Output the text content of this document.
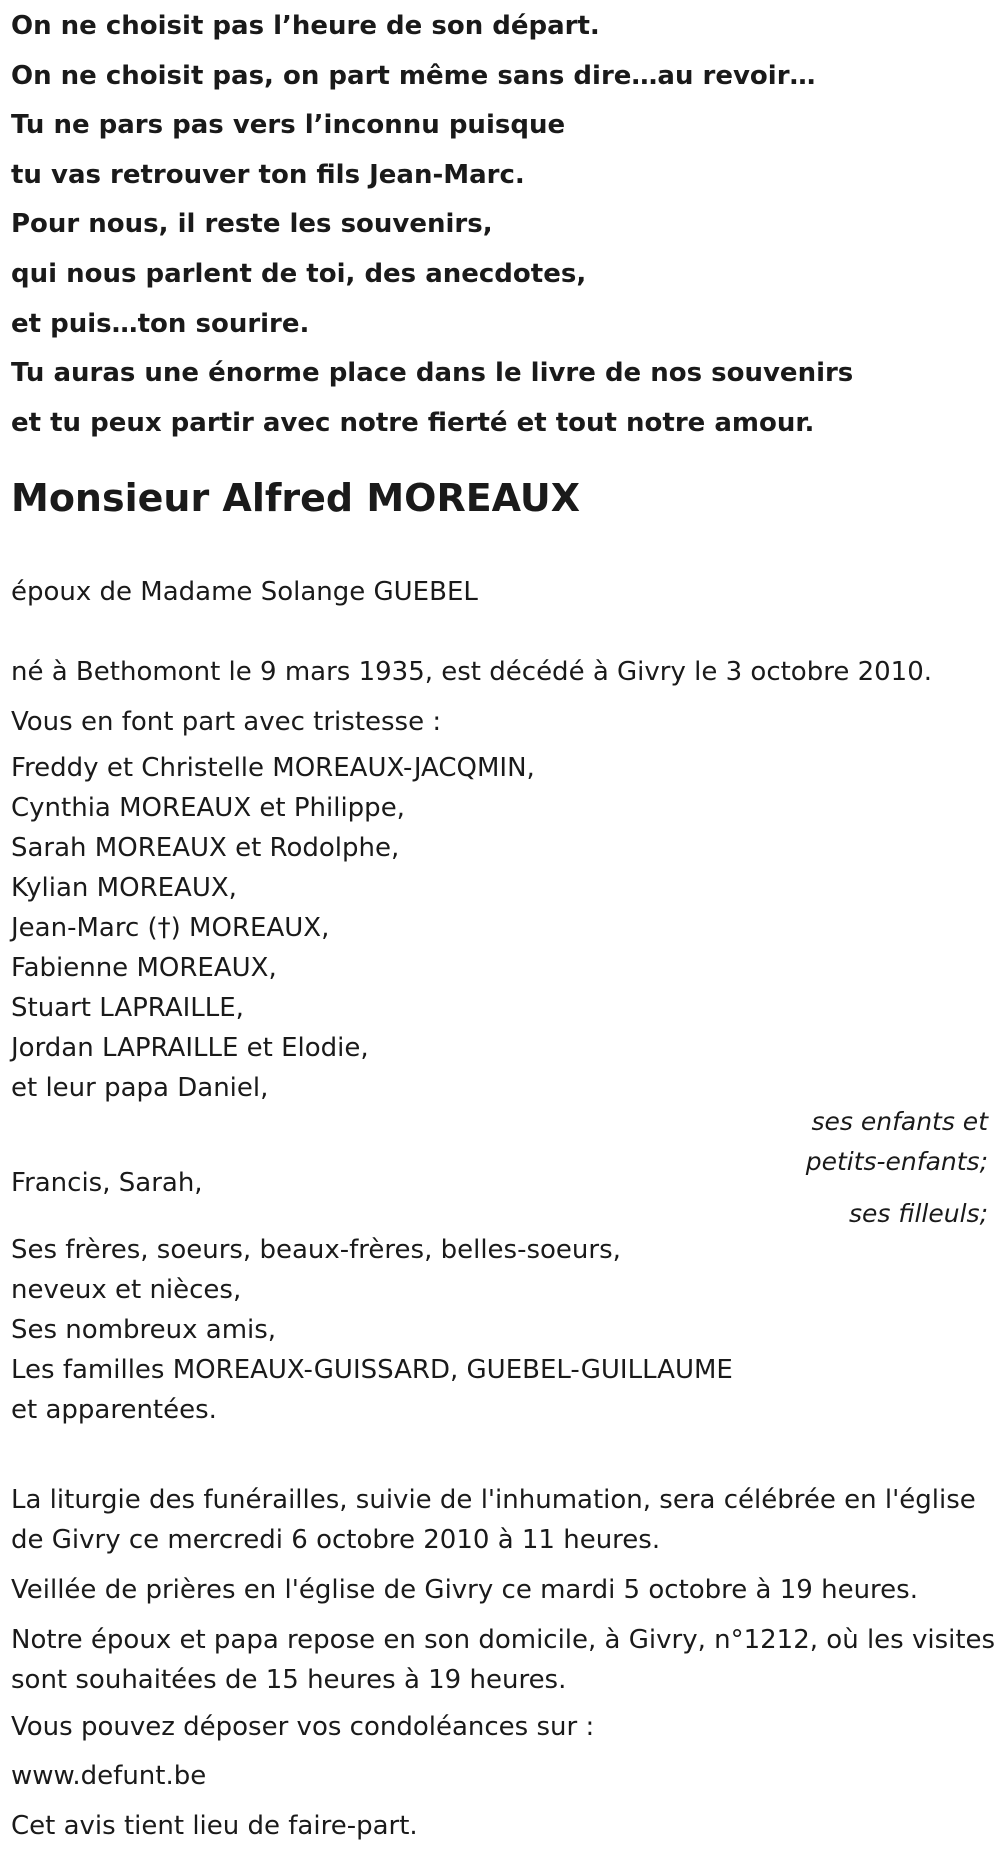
On ne choisit pas l’heure de son départ.
On ne choisit pas, on part même sans dire…au revoir…
Tu ne pars pas vers l’inconnu puisque
tu vas retrouver ton fils Jean-Marc.
Pour nous, il reste les souvenirs,
qui nous parlent de toi, des anecdotes,
et puis…ton sourire.
Tu auras une énorme place dans le livre de nos souvenirs
et tu peux partir avec notre fierté et tout notre amour.
Monsieur Alfred MOREAUX
époux de Madame Solange GUEBEL
né à Bethomont le 9 mars 1935, est décédé à Givry le 3 octobre 2010.
Vous en font part avec tristesse :
Freddy et Christelle MOREAUX-JACQMIN,
Cynthia MOREAUX et Philippe,
Sarah MOREAUX et Rodolphe,
Kylian MOREAUX,
Jean-Marc (†) MOREAUX,
Fabienne MOREAUX,
Stuart LAPRAILLE,
Jordan LAPRAILLE et Elodie,
et leur papa Daniel,
ses enfants et
petits-enfants;
Francis, Sarah,
ses filleuls;
Ses frères, soeurs, beaux-frères, belles-soeurs,
neveux et nièces,
Ses nombreux amis,
Les familles MOREAUX-GUISSARD, GUEBEL-GUILLAUME
et apparentées.
La liturgie des funérailles, suivie de l'inhumation, sera célébrée en l'église de Givry ce mercredi 6 octobre 2010 à 11 heures.
Veillée de prières en l'église de Givry ce mardi 5 octobre à 19 heures.
Notre époux et papa repose en son domicile, à Givry, n°1212, où les visites sont souhaitées de 15 heures à 19 heures.
Vous pouvez déposer vos condoléances sur :
www.defunt.be
Cet avis tient lieu de faire-part.
